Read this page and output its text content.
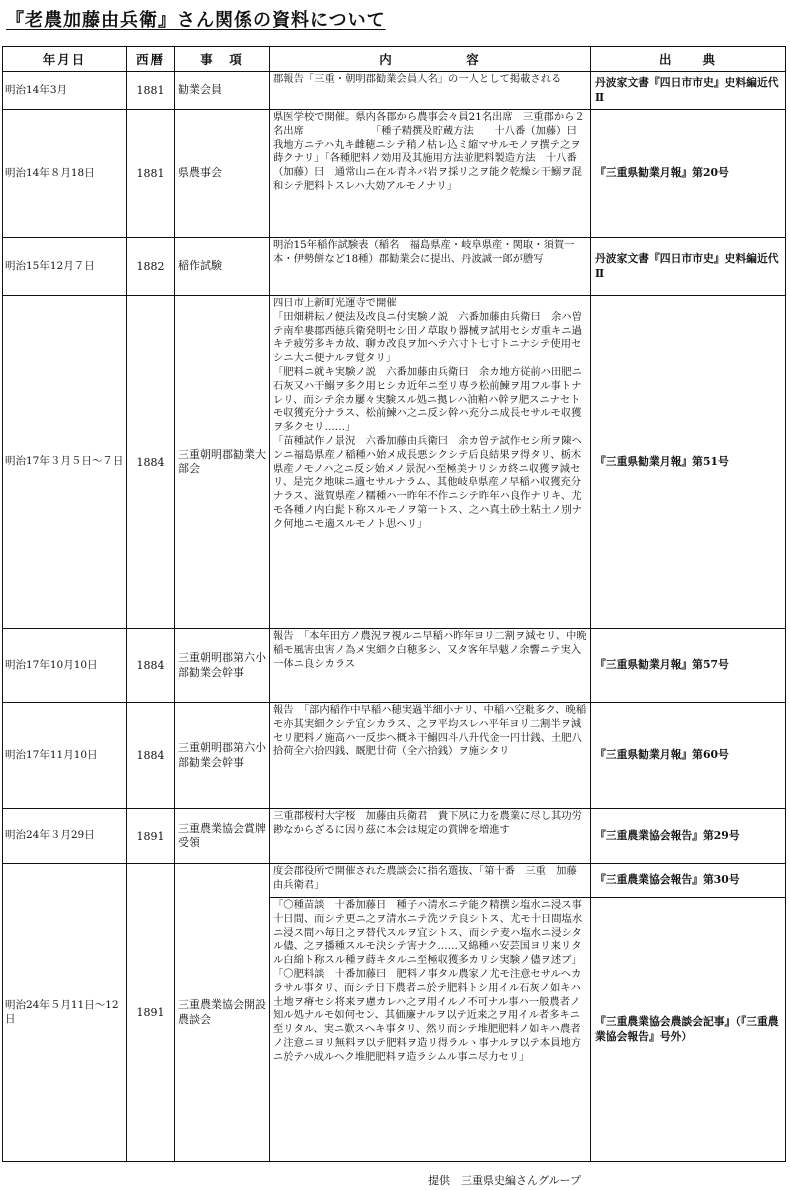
『老農加藤由兵衛』さん関係の資料について
年月日	西暦	事　項	内　　　　　容	出　　典
明治14年3月	1881	勧業会員	郡報告「三重・朝明郡勧業会員人名」の一人として掲載される	丹波家文書『四日市市史』史料編近代Ⅱ
明治14年８月18日	1881	県農事会	県医学校で開催。県内各郡から農事会々員21名出席　三重郡から２名出席　　　　　　　「種子精撰及貯蔵方法　　十八番（加藤）曰　我地方ニテハ丸キ雌穂ニシテ稍ノ枯レ込ミ縮マサルモノヲ撰テ之ヲ蒔クナリ」「各種肥料ノ効用及其施用方法並肥料製造方法　十八番（加藤）曰　通常山ニ在ル青ネバ岩ヲ採リ之ヲ能ク乾燥シ干鰯ヲ混和シテ肥料トスレハ大効アルモノナリ」	『三重県勧業月報』第20号
明治15年12月７日	1882	稲作試験	明治15年稲作試験表（稲名　福島県産・岐阜県産・関取・須賀一本・伊勢餅など18種）郡勧業会に提出、丹波誠一郎が謄写	丹波家文書『四日市市史』史料編近代Ⅱ
明治17年３月５日～７日	1884	三重朝明郡勧業大部会	四日市上新町光運寺で開催
「田畑耕耘ノ便法及改良ニ付実験ノ説　六番加藤由兵衛曰　余ハ曽テ南牟婁郡西徳兵衛発明セシ田ノ草取り器械ヲ試用セシガ重キニ過キテ疲労多キカ故、聊カ改良ヲ加ヘテ六寸ト七寸トニナシテ使用セシニ大ニ便ナルヲ覚タリ」
「肥料ニ就キ実験ノ説　六番加藤由兵衛曰　余カ地方従前ハ田肥ニ石灰又ハ干鰯ヲ多ク用ヒシカ近年ニ至リ専ラ松前鰊ヲ用フル事トナレリ、而シテ余カ屢々実験スル処ニ拠レハ油粕ハ幹ヲ肥スニナセトモ収獲充分ナラス、松前鰊ハ之ニ反シ幹ハ充分ニ成長セサルモ収獲ヲ多クセリ……」
「苗種試作ノ景況　六番加藤由兵衛曰　余カ曽テ試作セシ所ヲ陳ヘンニ福島県産ノ稲種ハ始メ成長悪シクシテ后良結果ヲ得タリ、栃木県産ノモノハ之ニ反シ始メノ景況ハ至極美ナリシカ終ニ収獲ヲ減セリ、是完ク地味ニ適セサルナラム、其他岐阜県産ノ早稲ハ収獲充分ナラス、滋賀県産ノ糯種ハ一昨年不作ニシテ昨年ハ良作ナリキ、尤モ各種ノ内白髭ト称スルモノヲ第一トス、之ハ真土砂土粘土ノ別ナク何地ニモ適スルモノト思ヘリ」	『三重県勧業月報』第51号
明治17年10月10日	1884	三重朝明郡第六小部勧業会幹事	報告　「本年田方ノ農況ヲ視ルニ早稲ハ昨年ヨリ二割ヲ減セリ、中晩稲モ風害虫害ノ為メ実細ク白穂多シ、又タ客年旱魃ノ余響ニテ実入一体ニ良シカラス	『三重県勧業月報』第57号
明治17年11月10日	1884	三重朝明郡第六小部勧業会幹事	報告　「部内稲作中早稲ハ穂実過半細小ナリ、中稲ハ空粃多ク、晩稲モ亦其実細クシテ宜シカラス、之ヲ平均スレハ平年ヨリ二割半ヲ減セリ肥料ノ施高ハ一反歩ヘ概ネ干鰯四斗八升代金一円廿銭、土肥八拾荷全六拾四銭、厩肥廿荷（全六拾銭）ヲ施シタリ	『三重県勧業月報』第60号
明治24年３月29日	1891	三重農業協会賞牌受領	三重郡桜村大字桜　加藤由兵衛君　貴下夙に力を農業に尽し其功労尠なからざるに因り茲に本会は規定の賞牌を増進す	『三重農業協会報告』第29号
明治24年５月11日～12日	1891	三重農業協会開設農談会	度会郡役所で開催された農談会に指名選抜、「第十番　三重　加藤由兵衛君」	『三重農業協会報告』第30号
			「〇種苗談　十番加藤日　種子ハ清水ニテ能ク精撰シ塩水ニ浸ス事十日間、而シテ更ニ之ヲ清水ニテ洗ツテ良シトス、尤モ十日間塩水ニ浸ス間ハ毎日之ヲ替代スルヲ宜シトス、而シテ麦ハ塩水ニ浸シタル儘、之ヲ播種スルモ決シテ害ナク……又綿種ハ安芸国ヨリ来リタル白綿ト称スル種ヲ蒔キタルニ至極収獲多カリシ実験ノ儘ヲ述ブ」
「〇肥料談　十番加藤曰　肥料ノ事タル農家ノ尤モ注意セサルヘカラサル事タリ、而シテ日下農者ニ於テ肥料トシ用イル石灰ノ如キハ土地ヲ瘠セシ将来ヲ慮カレハ之ヲ用イルノ不可ナル事ハ一般農者ノ知ル処ナルモ如何セン、其価廉ナルヲ以テ近来之ヲ用イル者多キニ至リタル、実ニ歎スヘキ事タリ、然リ而シテ堆肥肥料ノ如キハ農者ノ注意ニヨリ無料ヲ以テ肥料ヲ造リ得ラルヽ事ナルヲ以テ本員地方ニ於テハ成ルヘク堆肥肥料ヲ造ラシムル事ニ尽力セリ」	『三重農業協会農談会記事』（『三重農業協会報告』号外）
提供　三重県史編さんグループ
